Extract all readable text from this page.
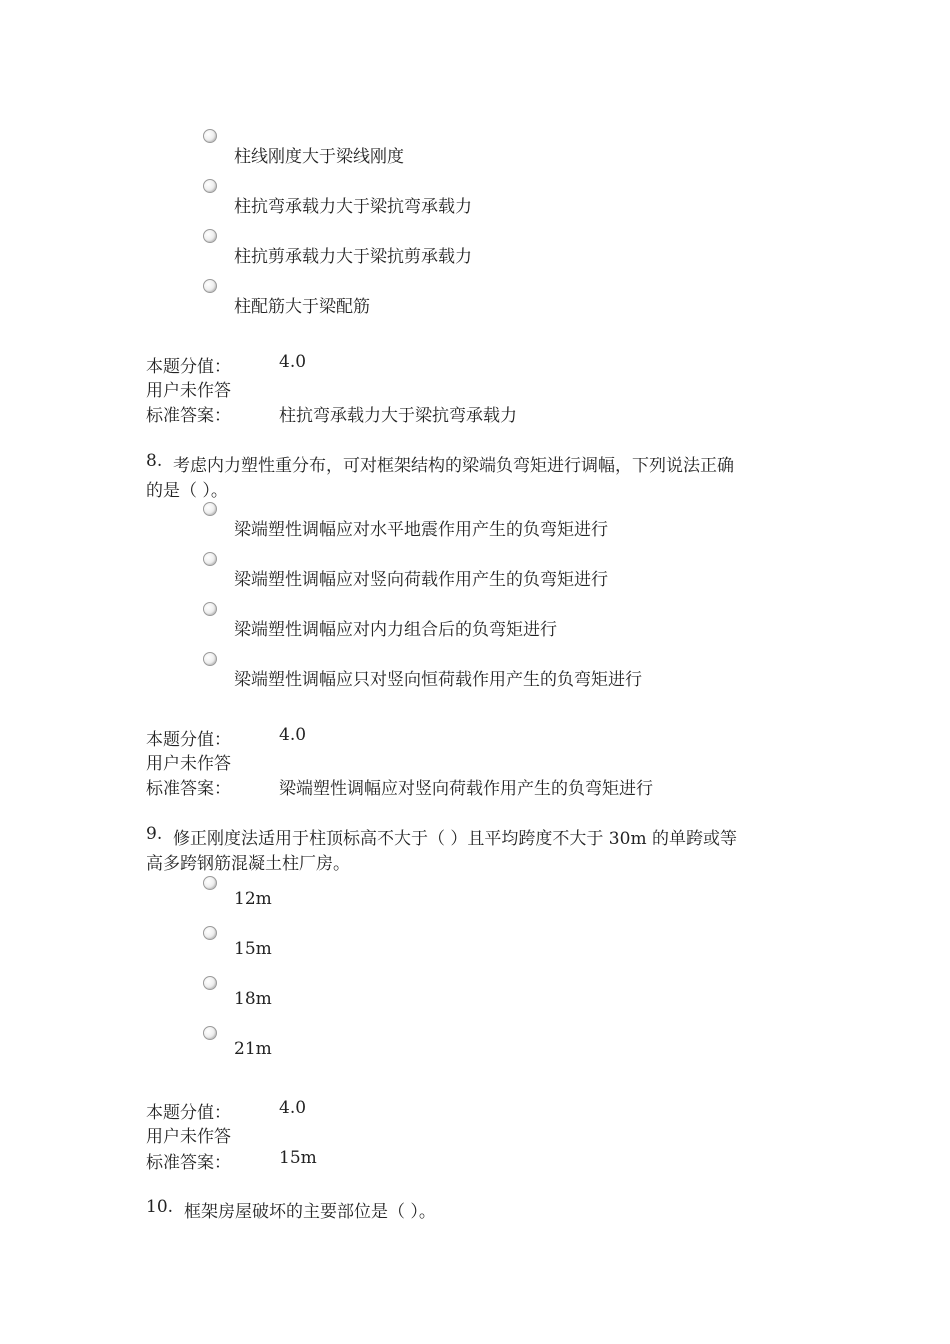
柱线刚度大于梁线刚度
柱抗弯承载力大于梁抗弯承载力
柱抗剪承载力大于梁抗剪承载力
柱配筋大于梁配筋
本题分值：	4.0
用户未作答
标准答案：	柱抗弯承载力大于梁抗弯承载力
8. 考虑内力塑性重分布，可对框架结构的梁端负弯矩进行调幅，下列说法正确
的是（ ）。
梁端塑性调幅应对水平地震作用产生的负弯矩进行
梁端塑性调幅应对竖向荷载作用产生的负弯矩进行
梁端塑性调幅应对内力组合后的负弯矩进行
梁端塑性调幅应只对竖向恒荷载作用产生的负弯矩进行
本题分值：	4.0
用户未作答
标准答案：	梁端塑性调幅应对竖向荷载作用产生的负弯矩进行
9. 修正刚度法适用于柱顶标高不大于（ ）且平均跨度不大于 30m 的单跨或等
高多跨钢筋混凝土柱厂房。
12m
15m
18m
21m
本题分值：	4.0
用户未作答
标准答案：	15m
10. 框架房屋破坏的主要部位是（ ）。
